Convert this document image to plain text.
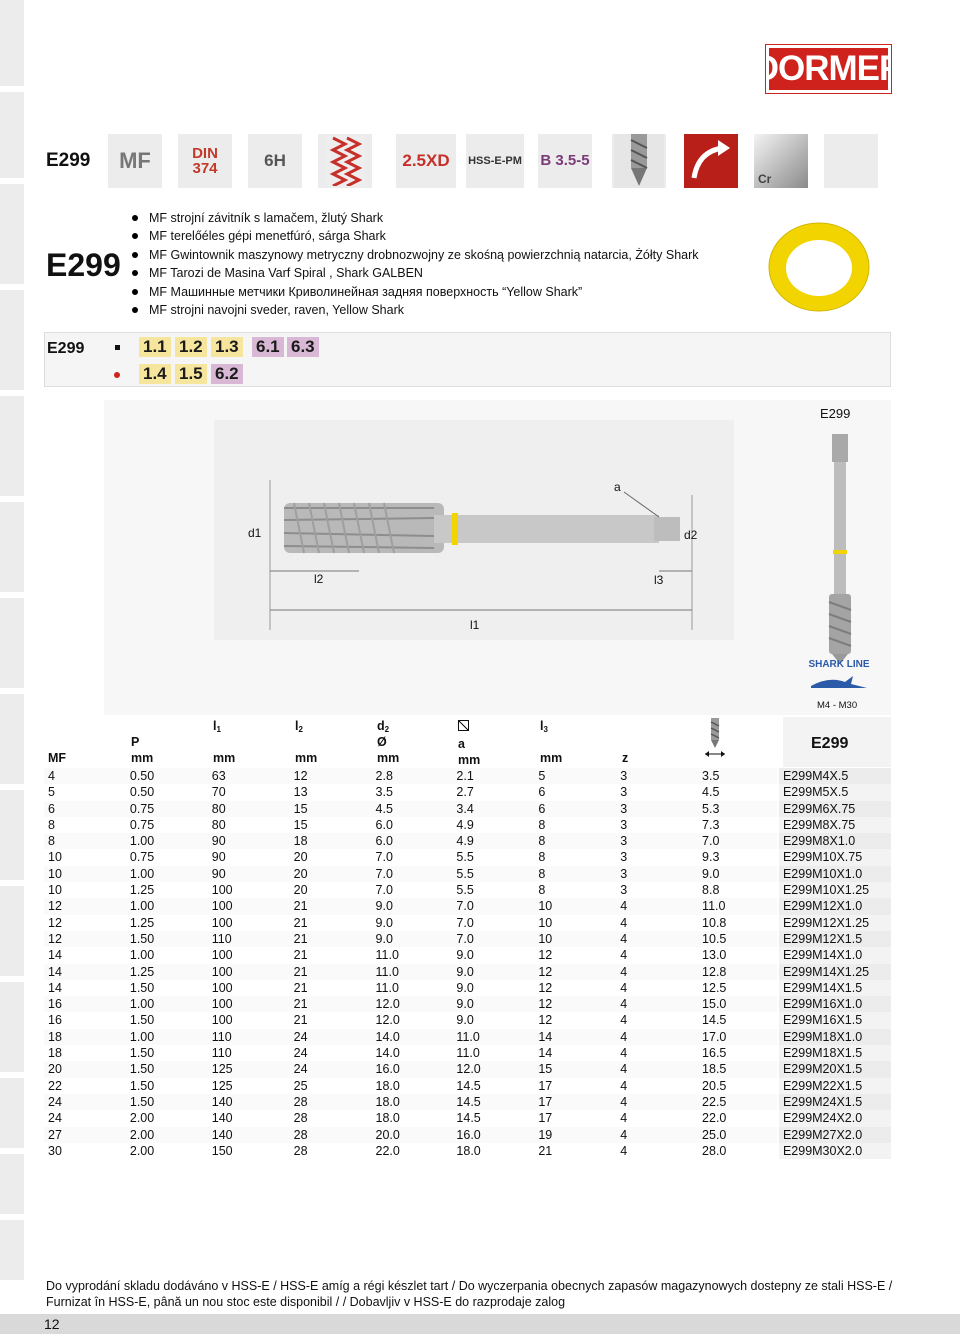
DORMER
E299 MF	DIN 374	6H	2.5XD HSS-E-PM B 3.5-5
Cr
E299
MF strojní závitník s lamačem, žlutý Shark
MF terelőéles gépi menetfúró, sárga Shark
MF Gwintownik maszynowy metryczny drobnozwojny ze skośną powierzchnią natarcia, Żółty Shark
MF Tarozi de Masina Varf Spiral , Shark GALBEN
MF Машинные метчики Криволинейная задняя поверхность “Yellow Shark”
MF strojni navojni sveder, raven, Yellow Shark
E299	1.1 1.2 1.3 6.1 6.3
1.4 1.5 6.2
a
d1	d2
l2	l3
l1
E299
SHARK LINE
M4 - M30
MF
P
mm
$l_1$
mm
$l_2$
mm
$d_2$
Ø
mm
a
mm
$l_3$
mm	z
E299
4	0.50	63	12	2.8	2.1	5	3	3.5	E299M4X.5
5	0.50	70	13	3.5	2.7	6	3	4.5	E299M5X.5
6	0.75	80	15	4.5	3.4	6	3	5.3	E299M6X.75
8	0.75	80	15	6.0	4.9	8	3	7.3	E299M8X.75
8	1.00	90	18	6.0	4.9	8	3	7.0	E299M8X1.0
10	0.75	90	20	7.0	5.5	8	3	9.3	E299M10X.75
10	1.00	90	20	7.0	5.5	8	3	9.0	E299M10X1.0
10	1.25	100	20	7.0	5.5	8	3	8.8	E299M10X1.25
12	1.00	100	21	9.0	7.0	10	4	11.0	E299M12X1.0
12	1.25	100	21	9.0	7.0	10	4	10.8	E299M12X1.25
12	1.50	110	21	9.0	7.0	10	4	10.5	E299M12X1.5
14	1.00	100	21	11.0	9.0	12	4	13.0	E299M14X1.0
14	1.25	100	21	11.0	9.0	12	4	12.8	E299M14X1.25
14	1.50	100	21	11.0	9.0	12	4	12.5	E299M14X1.5
16	1.00	100	21	12.0	9.0	12	4	15.0	E299M16X1.0
16	1.50	100	21	12.0	9.0	12	4	14.5	E299M16X1.5
18	1.00	110	24	14.0	11.0	14	4	17.0	E299M18X1.0
18	1.50	110	24	14.0	11.0	14	4	16.5	E299M18X1.5
20	1.50	125	24	16.0	12.0	15	4	18.5	E299M20X1.5
22	1.50	125	25	18.0	14.5	17	4	20.5	E299M22X1.5
24	1.50	140	28	18.0	14.5	17	4	22.5	E299M24X1.5
24	2.00	140	28	18.0	14.5	17	4	22.0	E299M24X2.0
27	2.00	140	28	20.0	16.0	19	4	25.0	E299M27X2.0
30	2.00	150	28	22.0	18.0	21	4	28.0	E299M30X2.0
Do vyprodání skladu dodáváno v HSS-E / HSS-E amíg a régi készlet tart / Do wyczerpania obecnych zapasów magazynowych dostepny ze stali HSS-E / Furnizat în HSS-E, până un nou stoc este disponibil / / Dobavljiv v HSS-E do razprodaje zalog
12
